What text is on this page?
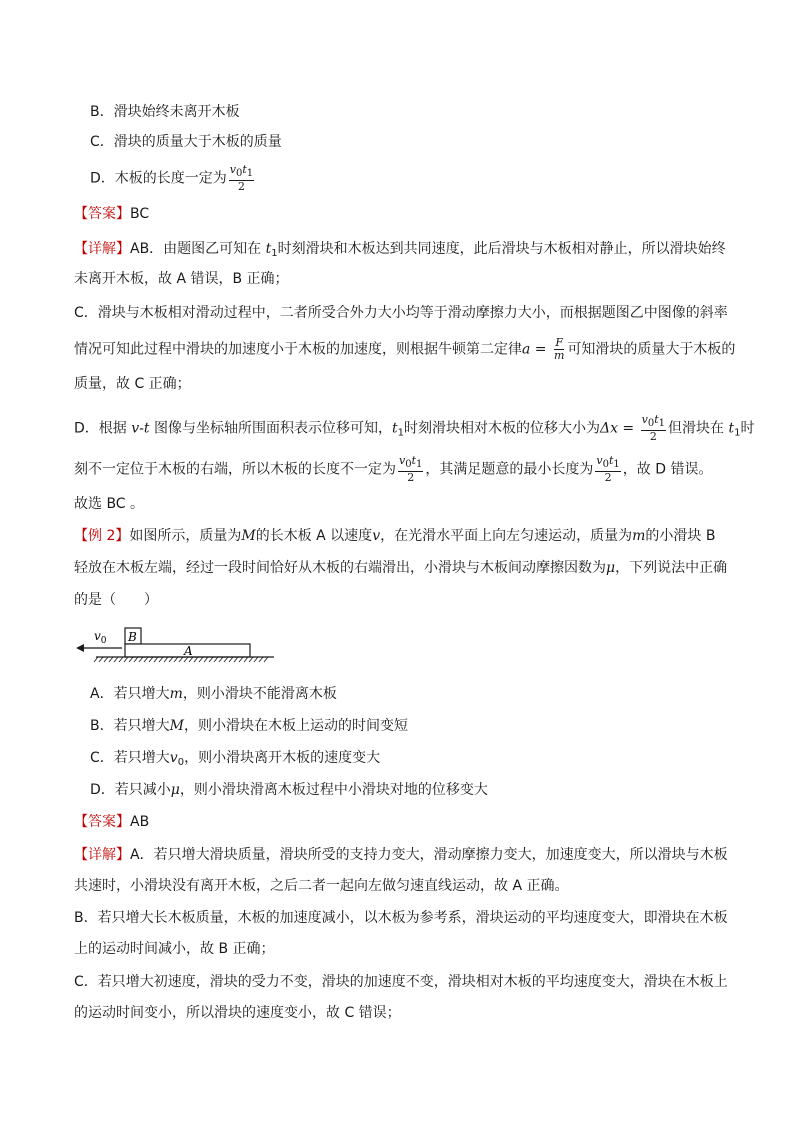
B．滑块始终未离开木板
C．滑块的质量大于木板的质量
D．木板的长度一定为 $\frac{v0t1}{2}$
【答案】BC
【详解】AB．由题图乙可知在 $t_1$时刻滑块和木板达到共同速度，此后滑块与木板相对静止，所以滑块始终
未离开木板，故 A 错误，B 正确；
C．滑块与木板相对滑动过程中，二者所受合外力大小均等于滑动摩擦力大小，而根据题图乙中图像的斜率
情况可知此过程中滑块的加速度小于木板的加速度，则根据牛顿第二定律$a = \frac{F}{m}$ 可知滑块的质量大于木板的
质量，故 C 正确；
D．根据 v-t 图像与坐标轴所围面积表示位移可知，$t_1$时刻滑块相对木板的位移大小为$\Delta x = \frac{v0t1}{2}$ 但滑块在 $t_1$时
刻不一定位于木板的右端，所以木板的长度不一定为 $\frac{v0t1}{2}$ ，其满足题意的最小长度为 $\frac{v0t1}{2}$ ，故 D 错误。
故选 BC 。
【例 2】如图所示，质量为M的长木板 A 以速度v，在光滑水平面上向左匀速运动，质量为m的小滑块 B
轻放在木板左端，经过一段时间恰好从木板的右端滑出，小滑块与木板间动摩擦因数为μ，下列说法中正确
的是（　　）
$v_0$ B
A
A．若只增大m，则小滑块不能滑离木板
B．若只增大M，则小滑块在木板上运动的时间变短
C．若只增大$v_0$，则小滑块离开木板的速度变大
D．若只减小μ，则小滑块滑离木板过程中小滑块对地的位移变大
【答案】AB
【详解】A．若只增大滑块质量，滑块所受的支持力变大，滑动摩擦力变大，加速度变大，所以滑块与木板
共速时，小滑块没有离开木板，之后二者一起向左做匀速直线运动，故 A 正确。
B．若只增大长木板质量，木板的加速度减小，以木板为参考系，滑块运动的平均速度变大，即滑块在木板
上的运动时间减小，故 B 正确；
C．若只增大初速度，滑块的受力不变，滑块的加速度不变，滑块相对木板的平均速度变大，滑块在木板上
的运动时间变小，所以滑块的速度变小，故 C 错误；
